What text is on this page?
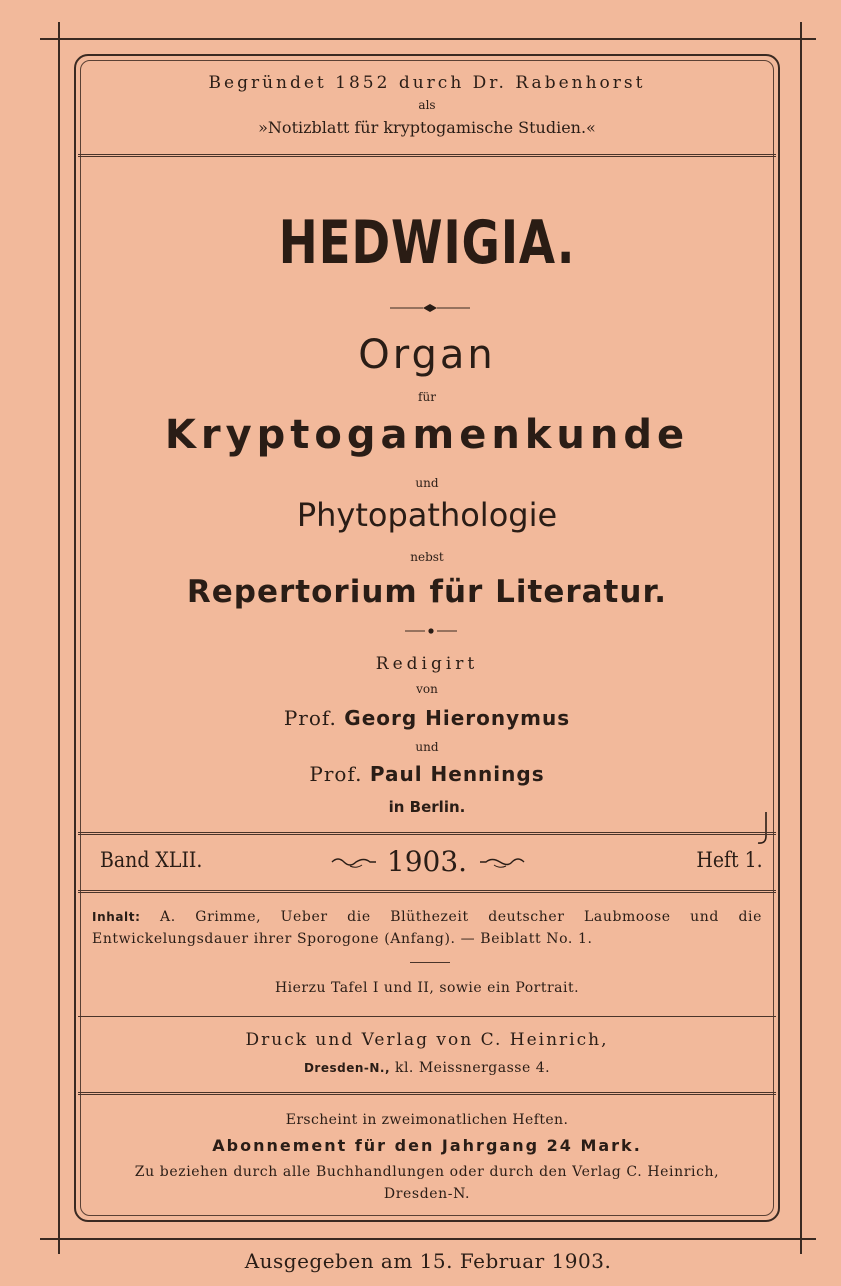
Begründet 1852 durch Dr. Rabenhorst
als
»Notizblatt für kryptogamische Studien.«
HEDWIGIA.
Organ
für
Kryptogamenkunde
und
Phytopathologie
nebst
Repertorium für Literatur.
Redigirt
von
Prof. Georg Hieronymus
und
Prof. Paul Hennings
in Berlin.
Band XLII.	1903.	Heft 1.
Inhalt: A. Grimme, Ueber die Blüthezeit deutscher Laubmoose und die Entwickelungsdauer ihrer Sporogone (Anfang). — Beiblatt No. 1.
Hierzu Tafel I und II, sowie ein Portrait.
Druck und Verlag von C. Heinrich,
Dresden-N., kl. Meissnergasse 4.
Erscheint in zweimonatlichen Heften.
Abonnement für den Jahrgang 24 Mark.
Zu beziehen durch alle Buchhandlungen oder durch den Verlag C. Heinrich,
Dresden-N.
Ausgegeben am 15. Februar 1903.
